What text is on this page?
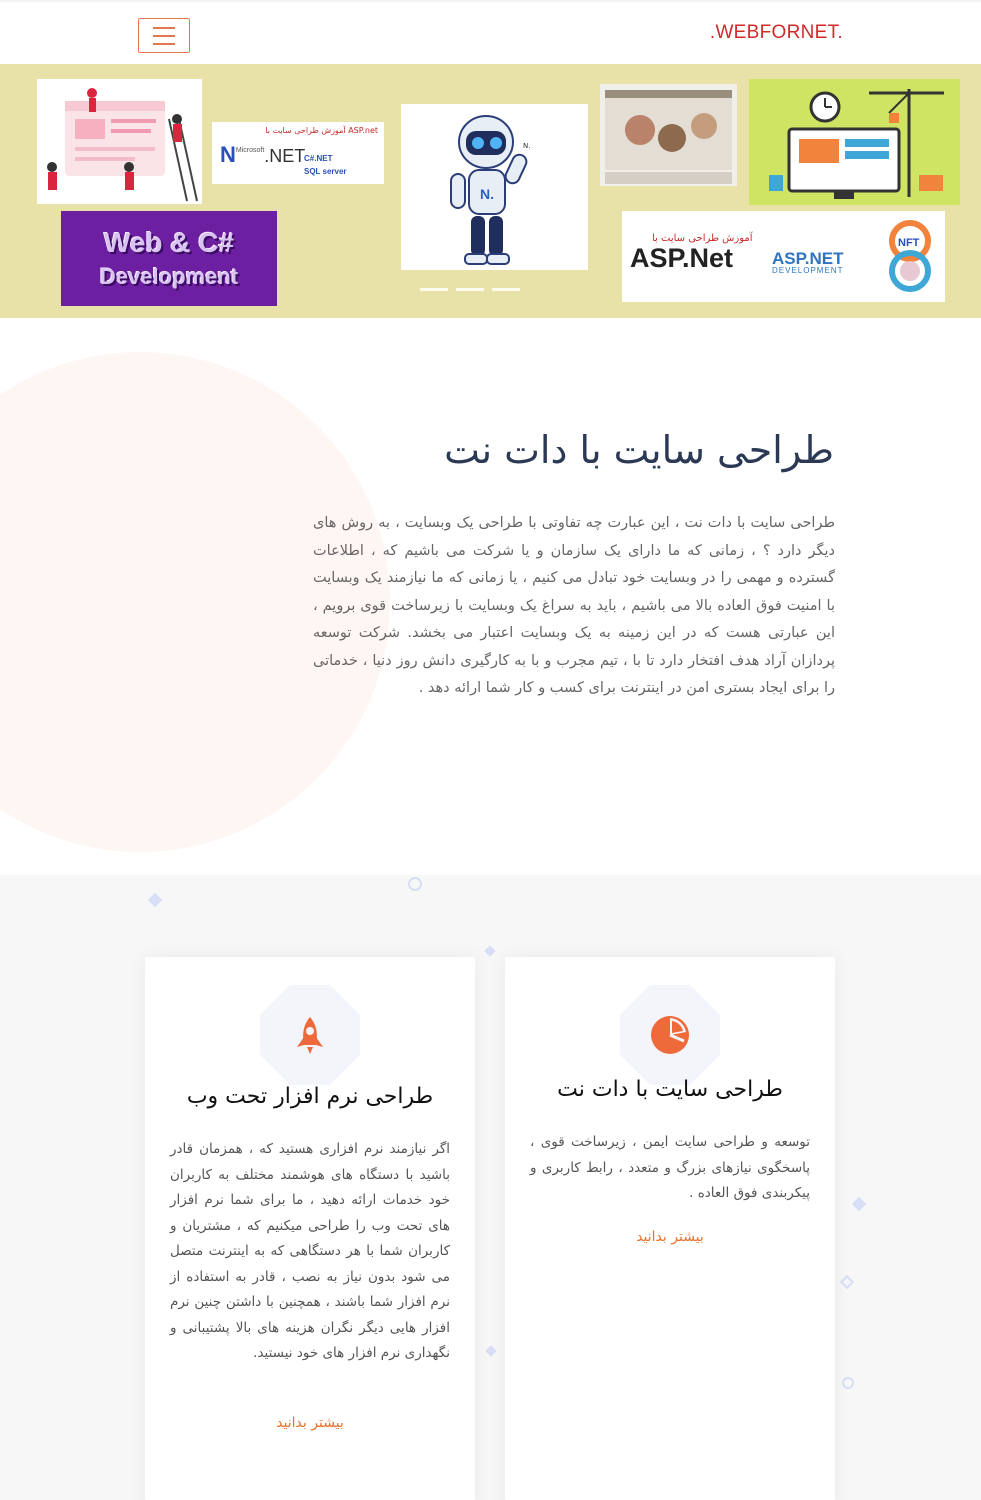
.WEBFORNET.
آموزش طراحی سایت با ASP.net
$N^{Microsoft}.NET$
C#.NET
SQL server
N.
N.
Web & C#
Development
آموزش طراحی سایت با
ASP.Net ASP.NET
DEVELOPMENT
NFT
طراحی سایت با دات نت

طراحی سایت با دات نت ، این عبارت چه تفاوتی با طراحی یک وبسایت ، به روش های دیگر دارد ؟ ، زمانی که ما دارای یک سازمان و یا شرکت می باشیم که ، اطلاعات گسترده و مهمی را در وبسایت خود تبادل می کنیم ، یا زمانی که ما نیازمند یک وبسایت با امنیت فوق العاده بالا می باشیم ، باید به سراغ یک وبسایت با زیرساخت قوی برویم ، این عبارتی هست که در این زمینه به یک وبسایت اعتبار می بخشد. شرکت توسعه پردازان آراد هدف افتخار دارد تا با ، تیم مجرب و با به کارگیری دانش روز دنیا ، خدماتی را برای ایجاد بستری امن در اینترنت برای کسب و کار شما ارائه دهد .

طراحی سایت با دات نت
توسعه و طراحی سایت ایمن ، زیرساخت قوی ، پاسخگوی نیازهای بزرگ و متعدد ، رابط کاربری و پیکربندی فوق العاده .
بیشتر بدانید
طراحی نرم افزار تحت وب
اگر نیازمند نرم افزاری هستید که ، همزمان قادر باشید با دستگاه های هوشمند مختلف به کاربران خود خدمات ارائه دهید ، ما برای شما نرم افزار های تحت وب را طراحی میکنیم که ، مشتریان و کاربران شما با هر دستگاهی که به اینترنت متصل می شود بدون نیاز به نصب ، قادر به استفاده از نرم افزار شما باشند ، همچنین با داشتن چنین نرم افزار هایی دیگر نگران هزینه های بالا پشتیبانی و نگهداری نرم افزار های خود نیستید.
بیشتر بدانید
